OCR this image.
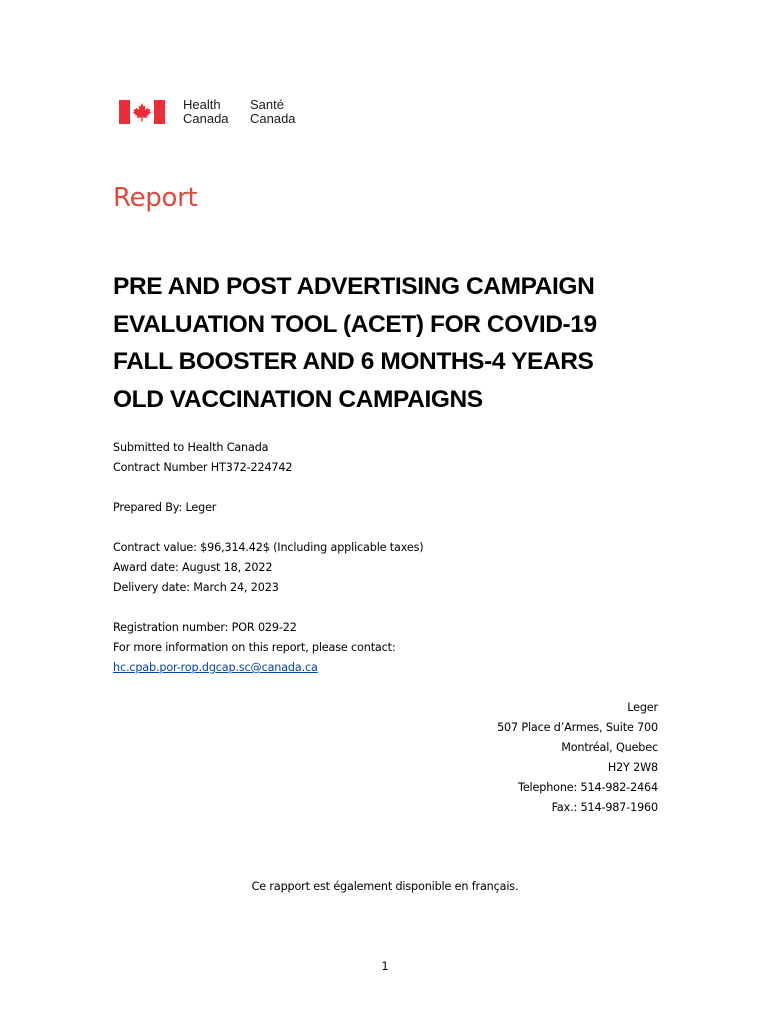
Health
Canada
Santé
Canada
Report
PRE AND POST ADVERTISING CAMPAIGN
EVALUATION TOOL (ACET) FOR COVID-19
FALL BOOSTER AND 6 MONTHS-4 YEARS
OLD VACCINATION CAMPAIGNS
Submitted to Health Canada
Contract Number HT372-224742
Prepared By: Leger
Contract value: $96,314.42$ (Including applicable taxes)
Award date: August 18, 2022
Delivery date: March 24, 2023
Registration number: POR 029-22
For more information on this report, please contact:
hc.cpab.por-rop.dgcap.sc@canada.ca
Leger
507 Place d’Armes, Suite 700
Montréal, Quebec
H2Y 2W8
Telephone: 514-982-2464
Fax.: 514-987-1960
Ce rapport est également disponible en français.
1
